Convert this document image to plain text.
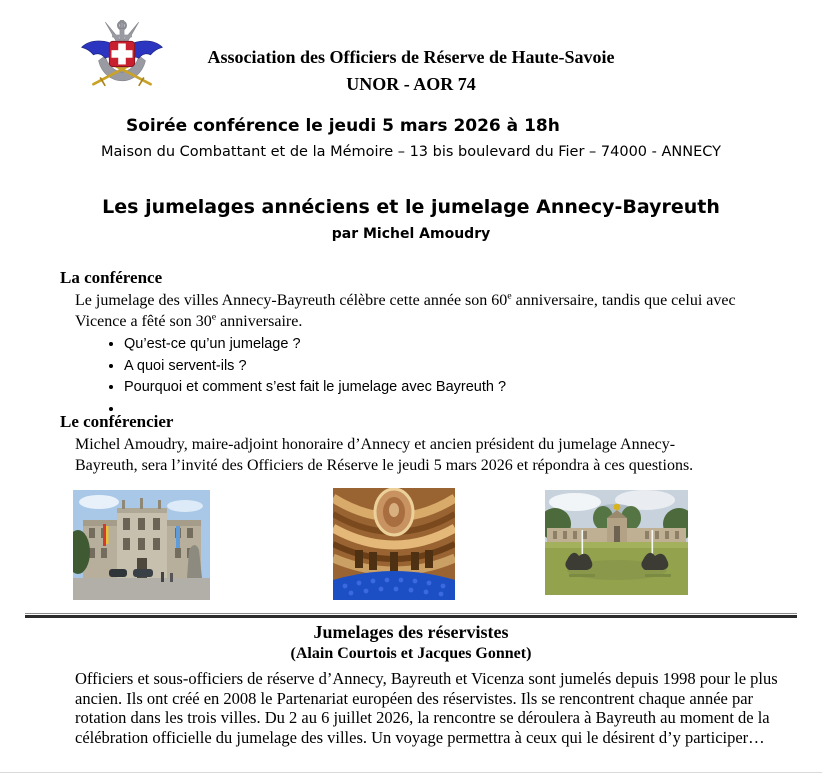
Association des Officiers de Réserve de Haute-Savoie
UNOR - AOR 74
Soirée conférence le jeudi 5 mars 2026 à 18h
Maison du Combattant et de la Mémoire – 13 bis boulevard du Fier – 74000 - ANNECY
Les jumelages annéciens et le jumelage Annecy-Bayreuth
par Michel Amoudry
La conférence

Le jumelage des villes Annecy-Bayreuth célèbre cette année son 60e anniversaire, tandis que celui avec Vicence a fêté son 30e anniversaire.

• Qu’est-ce qu’un jumelage ?
• A quoi servent-ils ?
• Pourquoi et comment s’est fait le jumelage avec Bayreuth ?
•
Le conférencier

Michel Amoudry, maire-adjoint honoraire d’Annecy et ancien président du jumelage Annecy-Bayreuth, sera l’invité des Officiers de Réserve le jeudi 5 mars 2026 et répondra à ces questions.

Jumelages des réservistes
(Alain Courtois et Jacques Gonnet)

Officiers et sous-officiers de réserve d’Annecy, Bayreuth et Vicenza sont jumelés depuis 1998 pour le plus ancien. Ils ont créé en 2008 le Partenariat européen des réservistes. Ils se rencontrent chaque année par rotation dans les trois villes. Du 2 au 6 juillet 2026, la rencontre se déroulera à Bayreuth au moment de la célébration officielle du jumelage des villes. Un voyage permettra à ceux qui le désirent d’y participer…
